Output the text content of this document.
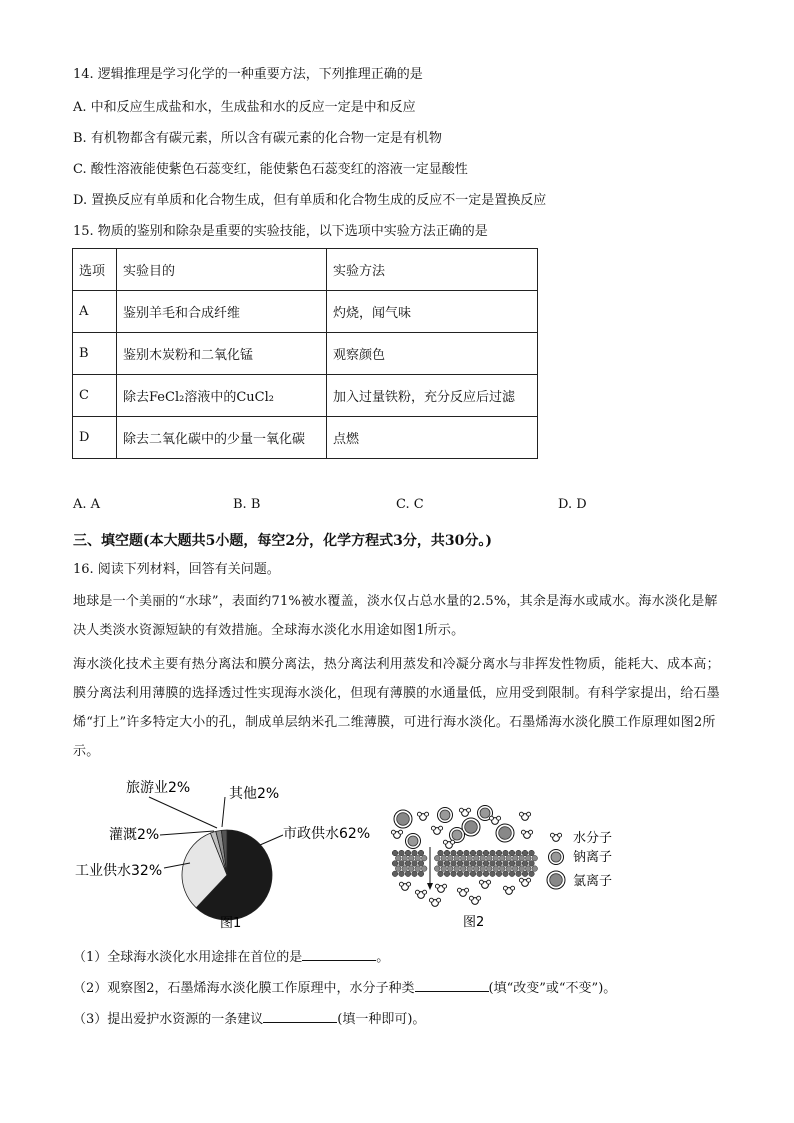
14. 逻辑推理是学习化学的一种重要方法，下列推理正确的是
A. 中和反应生成盐和水，生成盐和水的反应一定是中和反应
B. 有机物都含有碳元素，所以含有碳元素的化合物一定是有机物
C. 酸性溶液能使紫色石蕊变红，能使紫色石蕊变红的溶液一定显酸性
D. 置换反应有单质和化合物生成，但有单质和化合物生成的反应不一定是置换反应
15. 物质的鉴别和除杂是重要的实验技能，以下选项中实验方法正确的是
选项	实验目的	实验方法
A	鉴别羊毛和合成纤维	灼烧，闻气味
B	鉴别木炭粉和二氧化锰	观察颜色
C	除去FeCl₂溶液中的CuCl₂	加入过量铁粉，充分反应后过滤
D	除去二氧化碳中的少量一氧化碳	点燃
A. A	B. B	C. C	D. D
三、填空题(本大题共5小题，每空2分，化学方程式3分，共30分。)
16. 阅读下列材料，回答有关问题。
地球是一个美丽的“水球”，表面约71%被水覆盖，淡水仅占总水量的2.5%，其余是海水或咸水。海水淡化是解决人类淡水资源短缺的有效措施。全球海水淡化水用途如图1所示。
海水淡化技术主要有热分离法和膜分离法，热分离法利用蒸发和冷凝分离水与非挥发性物质，能耗大、成本高；膜分离法利用薄膜的选择透过性实现海水淡化，但现有薄膜的水通量低，应用受到限制。有科学家提出，给石墨烯“打上”许多特定大小的孔，制成单层纳米孔二维薄膜，可进行海水淡化。石墨烯海水淡化膜工作原理如图2所示。
旅游业2%	其他2%
灌溉2%	市政供水62%
工业供水32%
图1
水分子
钠离子
氯离子
图2
（1）全球海水淡化水用途排在首位的是	。
（2）观察图2，石墨烯海水淡化膜工作原理中，水分子种类	(填“改变”或“不变”)。
（3）提出爱护水资源的一条建议	(填一种即可)。
